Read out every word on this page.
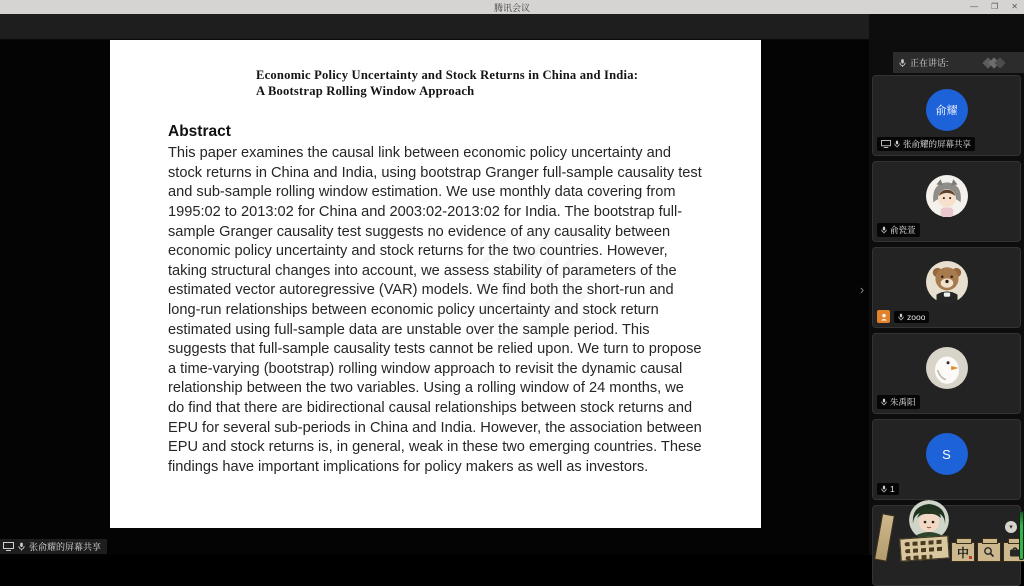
腾讯会议	— ❐ ✕
Economic Policy Uncertainty and Stock Returns in China and India:
A Bootstrap Rolling Window Approach
Abstract
This paper examines the causal link between economic policy uncertainty and stock returns in China and India, using bootstrap Granger full-sample causality test and sub-sample rolling window estimation. We use monthly data covering from 1995:02 to 2013:02 for China and 2003:02-2013:02 for India. The bootstrap full-sample Granger causality test suggests no evidence of any causality between economic policy uncertainty and stock returns for the two countries. However, taking structural changes into account, we assess stability of parameters of the estimated vector autoregressive (VAR) models. We find both the short-run and long-run relationships between economic policy uncertainty and stock return estimated using full-sample data are unstable over the sample period. This suggests that full-sample causality tests cannot be relied upon. We turn to propose a time-varying (bootstrap) rolling window approach to revisit the dynamic causal relationship between the two variables. Using a rolling window of 24 months, we do find that there are bidirectional causal relationships between stock returns and EPU for several sub-periods in China and India. However, the association between EPU and stock returns is, in general, weak in these two emerging countries. These findings have important implications for policy makers as well as investors.
张俞耀的屏幕共享
›
正在讲话:
俞耀
张俞耀的屏幕共享
俞瓷萱
zooo
朱禹阳
S
1
中
▾
